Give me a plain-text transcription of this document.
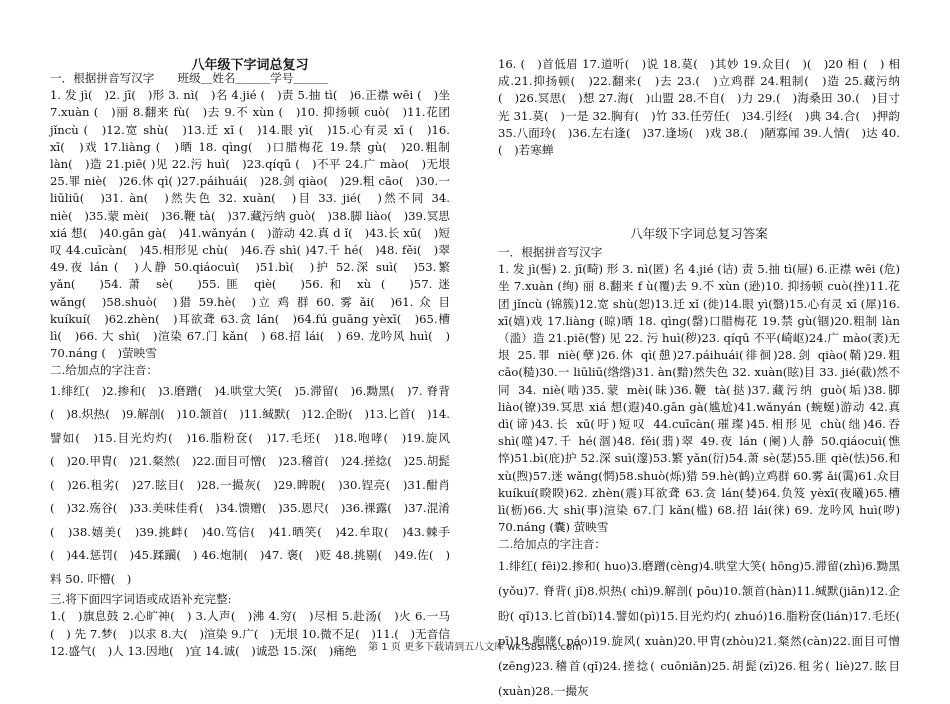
八年级下字词总复习

一．根据拼音写汉字　　班级＿姓名＿＿＿学号＿＿＿

1. 发 jì(　)2. jī(　)形 3. nì(　)名 4.jié (　)责 5.抽 tì(　)6.正襟 wēi (　)坐 7.xuàn (　)丽 8.翻来 fù(　)去 9.不 xùn (　)10. 抑扬顿 cuò(　)11.花团 jǐncù (　)12.宽 shù(　)13.迁 xǐ (　)14.眼 yì(　)15.心有灵 xī (　)16. xī(　)戏 17.liàng (　)晒 18. qìng(　)口腊梅花 19.禁 gù(　)20.粗制 làn(　)造 21.piē( )见 22.污 huì(　)23.qíqū (　)不平 24.广 mào(　)无垠 25.罪 niè(　)26.休 qì( )27.páihuái(　)28.剑 qiào(　)29.粗 cāo(　)30.一 liūliū(　)31. àn(　)然失色 32. xuàn(　)目 33. jié(　)然不同 34. niè(　)35.蒙 mèi(　)36.鞭 tà(　)37.藏污纳 guò(　)38.脚 liào(　)39.冥思 xiá 想(　)40.gān gà(　)41.wǎnyán (　)游动 42.真 d ǐ(　)43.长 xū(　)短叹 44.cuīcàn(　)45.相形见 chù(　)46.吞 shì( )47.千 hé(　)48. fěi(　)翠 49.夜 lán (　)人静 50.qiáocuì(　)51.bì(　)护 52.深 suì(　)53.繁 yǎn(　)54.萧 sè(　)55.匪 qiè(　)56.和 xù (　)57.迷 wǎng(　)58.shuò(　)猎 59.hè(　)立 鸡 群 60. 雾 ǎi(　)61. 众 目 kuíkuí(　)62.zhèn(　)耳欲聋 63.贪 lán(　)64.fú guāng yèxī(　)65.槽 lì(　)66. ⼤ shì(　)渲染 67.门 kǎn(　) 68.招 lái(　) 69. 龙吟风 huì(　) 70.náng (　)萤映雪

二.给加点的字注音：

1.绯红(　)2.掺和(　)3.磨蹭(　)4.哄堂大笑(　)5.滞留(　)6.黝黑(　)7. 脊背(　)8.炽热(　)9.解剖(　)10.颔首(　)11.缄默(　)12.企盼(　)13.匕首(　)14.譬如(　)15.目光灼灼(　)16.脂粉奁(　)17.毛坯(　)18.咆哮(　)19.旋风(　)20.甲胄(　)21.粲然(　)22.面目可憎(　)23.稽首(　)24.搓捻(　)25.胡髭(　)26.租劣(　)27.眩目(　)28.一撮灰(　)29.睥睨(　)30.锃亮(　)31.酣肖(　)32.殇谷(　)33.美味佳肴(　)34.馈赠(　)35.恩尺(　)36.裸露(　)37.混淆(　)38.嬉美(　)39.挑衅(　)40.笃信(　)41.晒笑(　)42.牟取(　)43.棘手(　)44.惩罚(　)45.蹂躏(　) 46.炮制(　)47. 褒(　)贬 48.挑剔(　)49.佐(　) 料 50. 吓懵(　)

三.将下面四字词语或成语补充完整:

1.(　)旗息鼓 2.心旷神(　) 3.人声(　)沸 4.穷(　)尽相 5.赴汤(　)火 6.一马(　) 先 7.梦(　)以求 8.大(　)渲染 9.广(　)无垠 10.微不足(　)11.(　)无音信 12.盛气(　)人 13.因地(　)宜 14.诚(　)诚恐 15.深(　)痛绝

16. (　)首低眉 17.道听(　)说 18.莫(　)其妙 19.众目(　)(　)20 相 (　) 相成.21.抑扬顿(　)22.翻来(　)去 23.(　)立鸡群 24.粗制(　)造 25.藏污纳(　)26.冥思(　)想 27.海(　)山盟 28.不自(　)力 29.(　)海桑田 30.(　)目寸光 31.莫(　)一是 32.胸有(　)竹 33.任劳任(　)34.引经(　)典 34.合(　)押韵 35.八面玲(　)36.左右逢(　)37.逢场(　)戏 38.(　)陋寡闻 39.人情(　)达 40.(　)若寒蝉

八年级下字词总复习答案

一．根据拼音写汉字

1. 发 jì(髻) 2. jī(畸) 形 3. nì(匿) 名 4.jié (诘) 责 5.抽 tì(屉) 6.正襟 wēi (危) 坐 7.xuàn (绚) 丽 8.翻来 f ù(覆)去 9.不 xùn (逊)10. 抑扬顿 cuò(挫)11.花团 jǐncù (锦簇)12.宽 shù(恕)13.迁 xǐ (徙)14.眼 yì(翳)15.心有灵 xī (犀)16. xī(嬉)戏 17.liàng (晾)晒 18. qìng(罄)口腊梅花 19.禁 gù(锢)20.粗制 làn（滥）造 21.piē(瞥) 见 22. 污 huì(秽)23. qíqū 不平(崎岖)24.广 mào(袤)无垠 25.罪 niè(孽)26.休 qì(憩)27.páihuái(徘徊)28.剑 qiào(鞘)29.粗 cāo(糙)30.一 liūliū(绺绺)31. àn(黯)然失色 32. xuàn(眩)目 33. jié(截)然不同 34. niè(啮)35.蒙 mèi(昧)36.鞭 tà(挞)37.藏污纳 guò(垢)38.脚 liào(镣)39.冥思 xiá 想(遐)40.gān gà(尴尬)41.wǎnyán (蜿蜒)游动 42.真 dì(谛)43.长 xū(吁)短叹 44.cuīcàn(璀璨)45.相形见 chù(绌)46.吞 shì(噬)47.千 hé(涸)48. fěi(翡)翠 49.夜 lán (阑)人静 50.qiáocuì(憔悴)51.bì(庇)护 52.深 suì(邃)53.繁 yǎn(衍)54.萧 sè(瑟)55.匪 qiè(怯)56.和 xù(煦)57.迷 wǎng(惘)58.shuò(烁)猎 59.hè(鹤)立鸡群 60.雾 ǎi(霭)61.众目 kuíkuí(睽睽)62. zhèn(震)耳欲聋 63.贪 lán(婪)64.负笈 yèxī(夜曦)65.槽 lì(枥)66.大 shì(事)渲染 67.门 kǎn(槛) 68.招 lái(徕) 69. 龙吟风 huì(哕) 70.náng (囊) 萤映雪

二.给加点的字注音：

1.绯红( fēi)2.掺和( huo)3.磨蹭(cèng)4.哄堂大笑( hōng)5.滞留(zhì)6.黝黑(yǒu)7. 脊背( jǐ)8.炽热( chì)9.解剖( pōu)10.颔首(hàn)11.缄默(jiān)12.企盼( qǐ)13.匕首(bǐ)14.譬如(pì)15.目光灼灼( zhuó)16.脂粉奁(lián)17.毛坯( pī)18.咆哮( páo)19.旋风( xuàn)20.甲胄(zhòu)21.粲然(càn)22.面目可憎(zēng)23.稽首(qǐ)24.搓捻( cuōniǎn)25.胡髭(zī)26.租劣( liè)27.眩目(xuàn)28.一撮灰

第 1 页 更多下载请到五八文库 wk.58sms.com
